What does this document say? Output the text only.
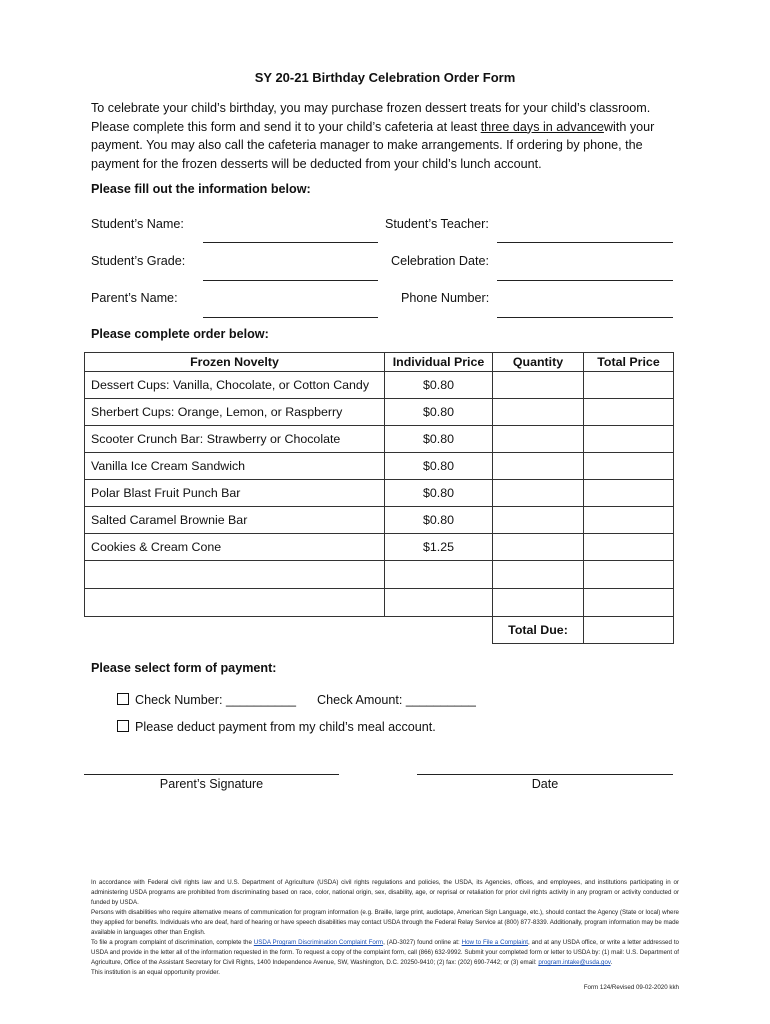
SY 20-21 Birthday Celebration Order Form
To celebrate your child’s birthday, you may purchase frozen dessert treats for your child’s classroom. Please complete this form and send it to your child’s cafeteria at least three days in advancewith your payment. You may also call the cafeteria manager to make arrangements. If ordering by phone, the payment for the frozen desserts will be deducted from your child’s lunch account.
Please fill out the information below:
Student’s Name:	Student’s Teacher:
Student’s Grade:	Celebration Date:
Parent’s Name:	Phone Number:
Please complete order below:
Frozen Novelty	Individual Price	Quantity	Total Price
Dessert Cups: Vanilla, Chocolate, or Cotton Candy	$0.80		
Sherbert Cups: Orange, Lemon, or Raspberry	$0.80		
Scooter Crunch Bar: Strawberry or Chocolate	$0.80		
Vanilla Ice Cream Sandwich	$0.80		
Polar Blast Fruit Punch Bar	$0.80		
Salted Caramel Brownie Bar	$0.80		
Cookies & Cream Cone	$1.25		

		Total Due:	
Please select form of payment:
Check Number: __________ Check Amount: __________
Please deduct payment from my child’s meal account.
Parent’s Signature	Date
In accordance with Federal civil rights law and U.S. Department of Agriculture (USDA) civil rights regulations and policies, the USDA, its Agencies, offices, and employees, and institutions participating in or administering USDA programs are prohibited from discriminating based on race, color, national origin, sex, disability, age, or reprisal or retaliation for prior civil rights activity in any program or activity conducted or funded by USDA.
Persons with disabilities who require alternative means of communication for program information (e.g. Braille, large print, audiotape, American Sign Language, etc.), should contact the Agency (State or local) where they applied for benefits. Individuals who are deaf, hard of hearing or have speech disabilities may contact USDA through the Federal Relay Service at (800) 877-8339. Additionally, program information may be made available in languages other than English.
To file a program complaint of discrimination, complete the USDA Program Discrimination Complaint Form, (AD-3027) found online at: How to File a Complaint, and at any USDA office, or write a letter addressed to USDA and provide in the letter all of the information requested in the form. To request a copy of the complaint form, call (866) 632-9992. Submit your completed form or letter to USDA by: (1) mail: U.S. Department of Agriculture, Office of the Assistant Secretary for Civil Rights, 1400 Independence Avenue, SW, Washington, D.C. 20250-9410; (2) fax: (202) 690-7442; or (3) email: program.intake@usda.gov.
This institution is an equal opportunity provider.
Form 124/Revised 09-02-2020 kkh
